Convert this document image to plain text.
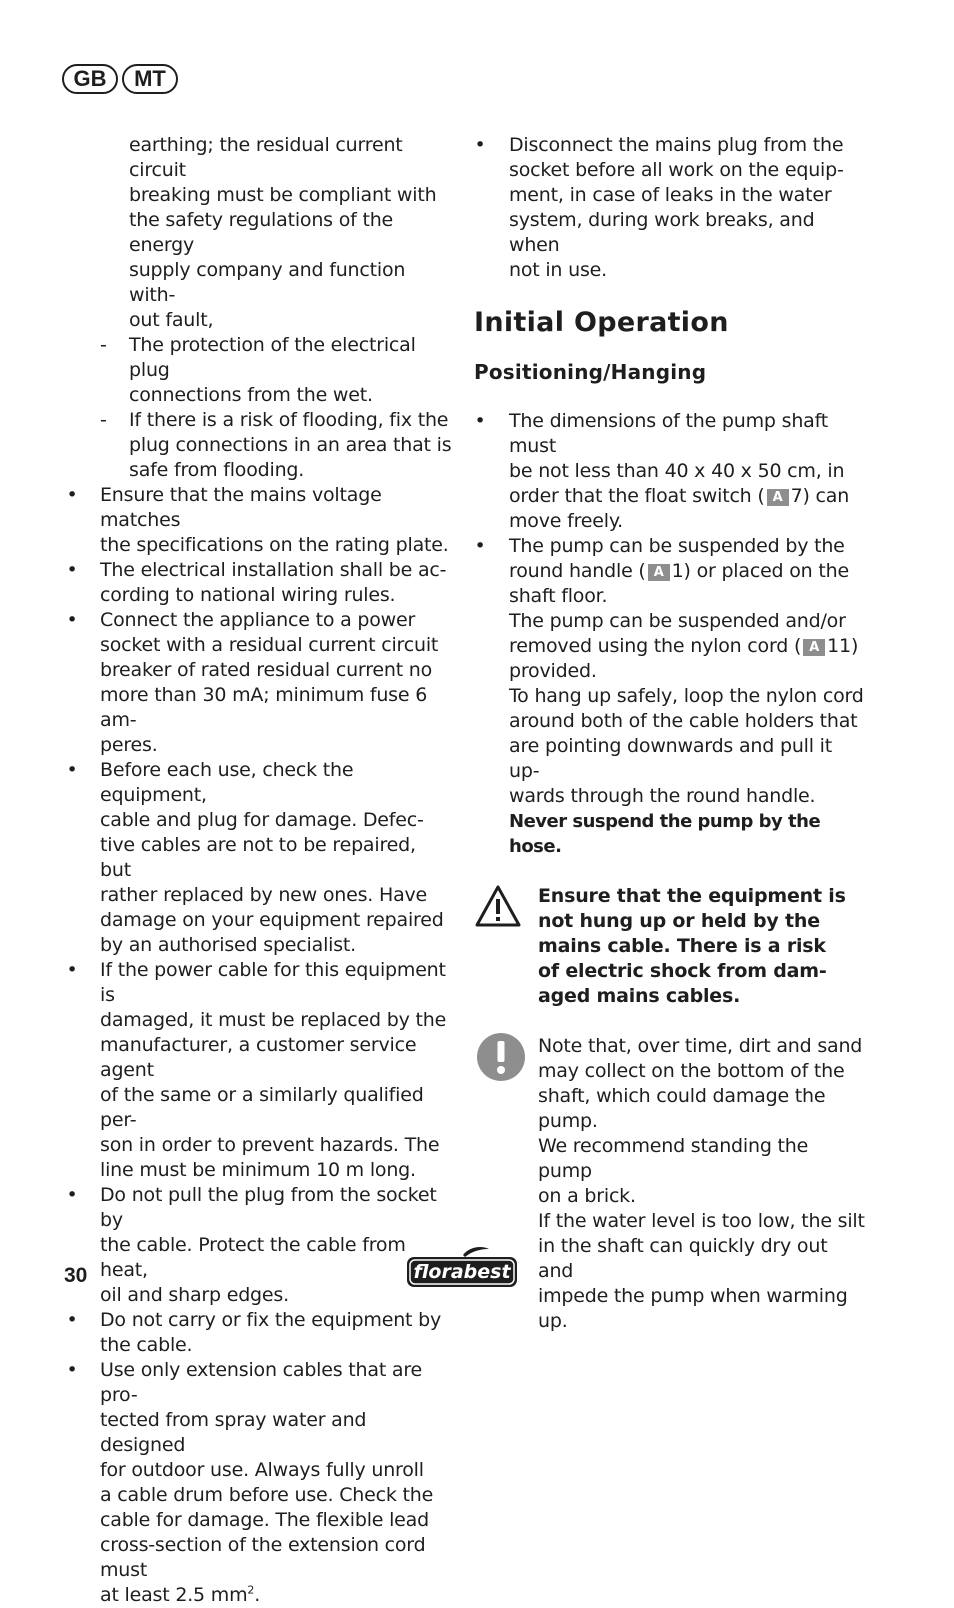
GB	MT

earthing; the residual current circuit
breaking must be compliant with
the safety regulations of the energy
supply company and function with-
out fault,

- The protection of the electrical plug
connections from the wet.

- If there is a risk of flooding, fix the
plug connections in an area that is
safe from flooding.

• Ensure that the mains voltage matches
the specifications on the rating plate.

• The electrical installation shall be ac-
cording to national wiring rules.

• Connect the appliance to a power
socket with a residual current circuit
breaker of rated residual current no
more than 30 mA; minimum fuse 6 am-
peres.

• Before each use, check the equipment,
cable and plug for damage. Defec-
tive cables are not to be repaired, but
rather replaced by new ones. Have
damage on your equipment repaired
by an authorised specialist.

• If the power cable for this equipment is
damaged, it must be replaced by the
manufacturer, a customer service agent
of the same or a similarly qualified per-
son in order to prevent hazards. The
line must be minimum 10 m long.

• Do not pull the plug from the socket by
the cable. Protect the cable from heat,
oil and sharp edges.

• Do not carry or fix the equipment by
the cable.

• Use only extension cables that are pro-
tected from spray water and designed
for outdoor use. Always fully unroll
a cable drum before use. Check the
cable for damage. The flexible lead
cross-section of the extension cord must
at least 2.5 $mm^2$.

• Disconnect the mains plug from the
socket before all work on the equip-
ment, in case of leaks in the water
system, during work breaks, and when
not in use.

Initial Operation
Positioning/Hanging

• The dimensions of the pump shaft must
be not less than 40 x 40 x 50 cm, in
order that the float switch ( A 7) can
move freely.

• The pump can be suspended by the
round handle ( A 1) or placed on the
shaft floor.

The pump can be suspended and/or
removed using the nylon cord ( A 11)
provided.

To hang up safely, loop the nylon cord
around both of the cable holders that
are pointing downwards and pull it up-
wards through the round handle.

Never suspend the pump by the hose.

Ensure that the equipment is
not hung up or held by the
mains cable. There is a risk
of electric shock from dam-
aged mains cables.

Note that, over time, dirt and sand
may collect on the bottom of the
shaft, which could damage the
pump.

We recommend standing the pump
on a brick.

If the water level is too low, the silt
in the shaft can quickly dry out and
impede the pump when warming
up.

30	florabest
